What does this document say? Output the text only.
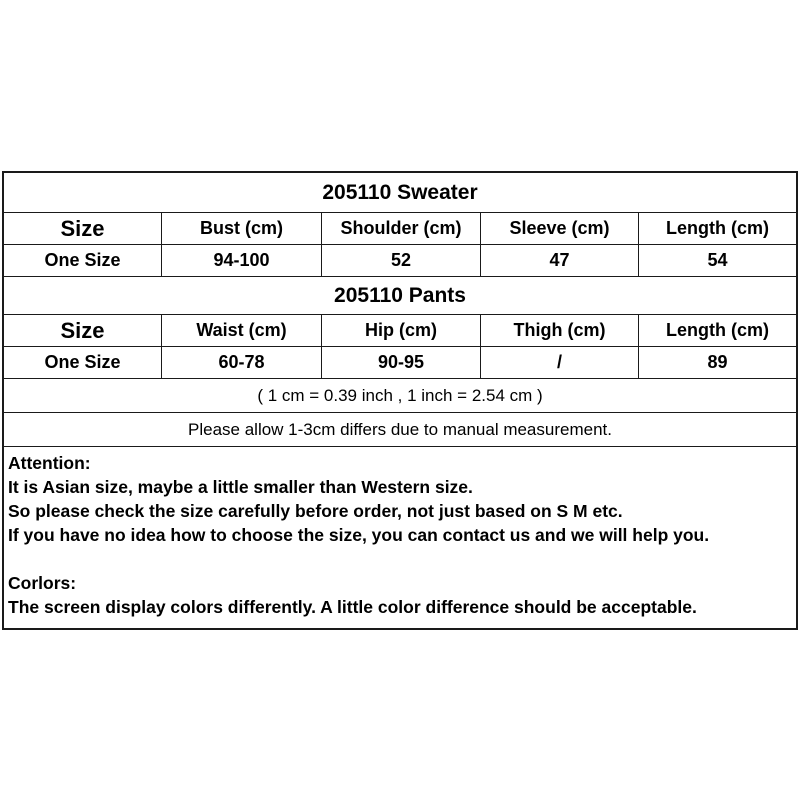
205110 Sweater
Size	Bust (cm)	Shoulder (cm)	Sleeve (cm)	Length (cm)
One Size	94-100	52	47	54
205110 Pants
Size	Waist (cm)	Hip (cm)	Thigh (cm)	Length (cm)
One Size	60-78	90-95	/	89
( 1 cm = 0.39 inch , 1 inch = 2.54 cm )
Please allow 1-3cm differs due to manual measurement.

Attention:

It is Asian size, maybe a little smaller than Western size.

So please check the size carefully before order, not just based on S M etc.

If you have no idea how to choose the size, you can contact us and we will help you.

Corlors:

The screen display colors differently. A little color difference should be acceptable.
